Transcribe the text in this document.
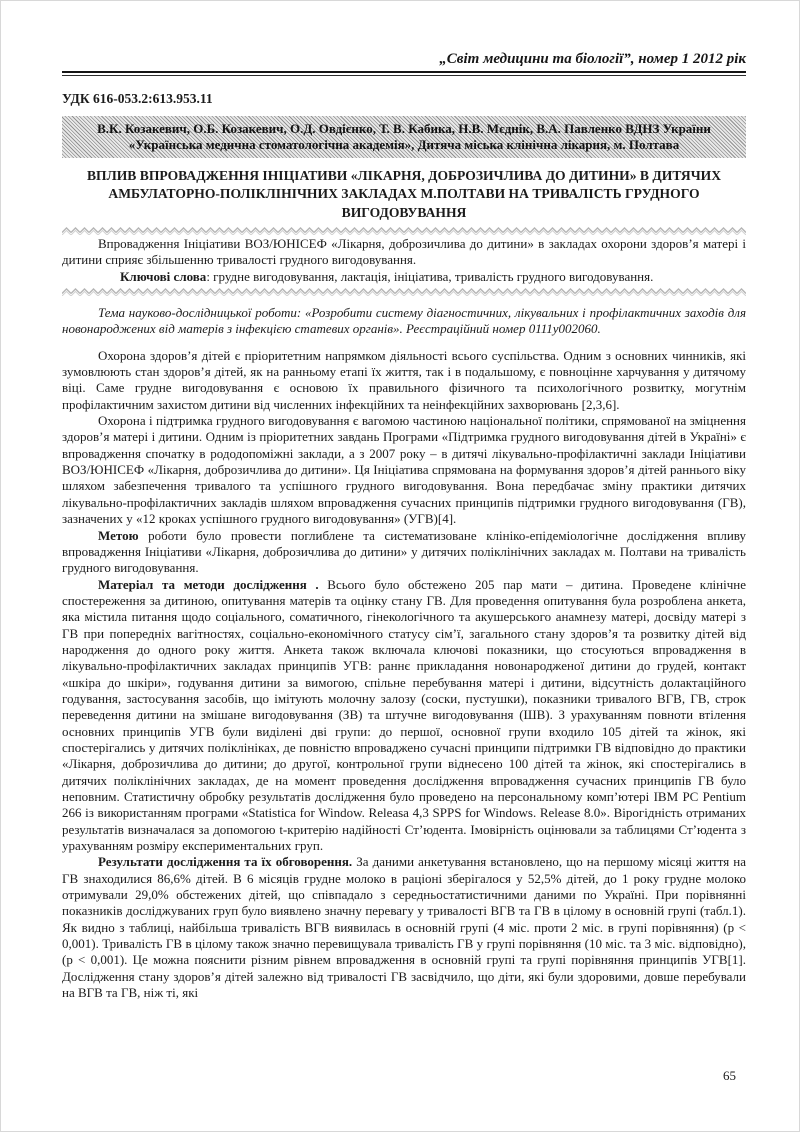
„Світ медицини та біології”, номер 1 2012 рік
УДК 616-053.2:613.953.11
В.К. Козакевич, О.Б. Козакевич, О.Д. Овдієнко, Т. В. Кабика, Н.В. Мєднік, В.А. Павленко ВДНЗ України «Українська медична стоматологічна академія», Дитяча міська клінічна лікарня, м. Полтава
ВПЛИВ ВПРОВАДЖЕННЯ ІНІЦІАТИВИ «ЛІКАРНЯ, ДОБРОЗИЧЛИВА ДО ДИТИНИ» В ДИТЯЧИХ АМБУЛАТОРНО-ПОЛІКЛІНІЧНИХ ЗАКЛАДАХ М.ПОЛТАВИ НА ТРИВАЛІСТЬ ГРУДНОГО ВИГОДОВУВАННЯ

Впровадження Ініціативи ВОЗ/ЮНІСЕФ «Лікарня, доброзичлива до дитини» в закладах охорони здоров’я матері і дитини сприяє збільшенню тривалості грудного вигодовування.

Ключові слова: грудне вигодовування, лактація, ініціатива, тривалість грудного вигодовування.

Тема науково-дослідницької роботи: «Розробити систему діагностичних, лікувальних і профілактичних заходів для новонароджених від матерів з інфекцією статевих органів». Реєстраційний номер 0111у002060.

Охорона здоров’я дітей є пріоритетним напрямком діяльності всього суспільства. Одним з основних чинників, які зумовлюють стан здоров’я дітей, як на ранньому етапі їх життя, так і в подальшому, є повноцінне харчування у дитячому віці. Саме грудне вигодовування є основою їх правильного фізичного та психологічного розвитку, могутнім профілактичним захистом дитини від численних інфекційних та неінфекційних захворювань [2,3,6].

Охорона і підтримка грудного вигодовування є вагомою частиною національної політики, спрямованої на зміцнення здоров’я матері і дитини. Одним із пріоритетних завдань Програми «Підтримка грудного вигодовування дітей в Україні» є впровадження спочатку в рододопоміжні заклади, а з 2007 року – в дитячі лікувально-профілактичні заклади Ініціативи ВОЗ/ЮНІСЕФ «Лікарня, доброзичлива до дитини». Ця Ініціатива спрямована на формування здоров’я дітей раннього віку шляхом забезпечення тривалого та успішного грудного вигодовування. Вона передбачає зміну практики дитячих лікувально-профілактичних закладів шляхом впровадження сучасних принципів підтримки грудного вигодовування (ГВ), зазначених у «12 кроках успішного грудного вигодовування» (УГВ)[4].

Метою роботи було провести поглиблене та систематизоване клініко-епідеміологічне дослідження впливу впровадження Ініціативи «Лікарня, доброзичлива до дитини» у дитячих поліклінічних закладах м. Полтави на тривалість грудного вигодовування.

Матеріал та методи дослідження . Всього було обстежено 205 пар мати – дитина. Проведене клінічне спостереження за дитиною, опитування матерів та оцінку стану ГВ. Для проведення опитування була розроблена анкета, яка містила питання щодо соціального, соматичного, гінекологічного та акушерського анамнезу матері, досвіду матері з ГВ при попередніх вагітностях, соціально-економічного статусу сім’ї, загального стану здоров’я та розвитку дітей від народження до одного року життя. Анкета також включала ключові показники, що стосуються впровадження в лікувально-профілактичних закладах принципів УГВ: раннє прикладання новонародженої дитини до грудей, контакт «шкіра до шкіри», годування дитини за вимогою, спільне перебування матері і дитини, відсутність долактаційного годування, застосування засобів, що імітують молочну залозу (соски, пустушки), показники тривалого ВГВ, ГВ, строк переведення дитини на змішане вигодовування (ЗВ) та штучне вигодовування (ШВ). З урахуванням повноти втілення основних принципів УГВ були виділені дві групи: до першої, основної групи входило 105 дітей та жінок, які спостерігались у дитячих поліклініках, де повністю впроваджено сучасні принципи підтримки ГВ відповідно до практики «Лікарня, доброзичлива до дитини; до другої, контрольної групи віднесено 100 дітей та жінок, які спостерігались в дитячих поліклінічних закладах, де на момент проведення дослідження впровадження сучасних принципів ГВ було неповним. Статистичну обробку результатів дослідження було проведено на персональному комп’ютері IBM PC Pentium 266 із використанням програми «Statistica for Window. Releasa 4,3 SPPS for Windows. Release 8.0». Вірогідність отриманих результатів визначалася за допомогою t-критерію надійності Ст’юдента. Імовірність оцінювали за таблицями Ст’юдента з урахуванням розміру експериментальних груп.

Результати дослідження та їх обговорення. За даними анкетування встановлено, що на першому місяці життя на ГВ знаходилися 86,6% дітей. В 6 місяців грудне молоко в раціоні зберігалося у 52,5% дітей, до 1 року грудне молоко отримували 29,0% обстежених дітей, що співпадало з середньостатистичними даними по Україні. При порівнянні показників досліджуваних груп було виявлено значну перевагу у тривалості ВГВ та ГВ в цілому в основній групі (табл.1). Як видно з таблиці, найбільша тривалість ВГВ виявилась в основній групі (4 міс. проти 2 міс. в групі порівняння) (р < 0,001). Тривалість ГВ в цілому також значно перевищувала тривалість ГВ у групі порівняння (10 міс. та 3 міс. відповідно), (р < 0,001). Це можна пояснити різним рівнем впровадження в основній групі та групі порівняння принципів УГВ[1]. Дослідження стану здоров’я дітей залежно від тривалості ГВ засвідчило, що діти, які були здоровими, довше перебували на ВГВ та ГВ, ніж ті, які

65
